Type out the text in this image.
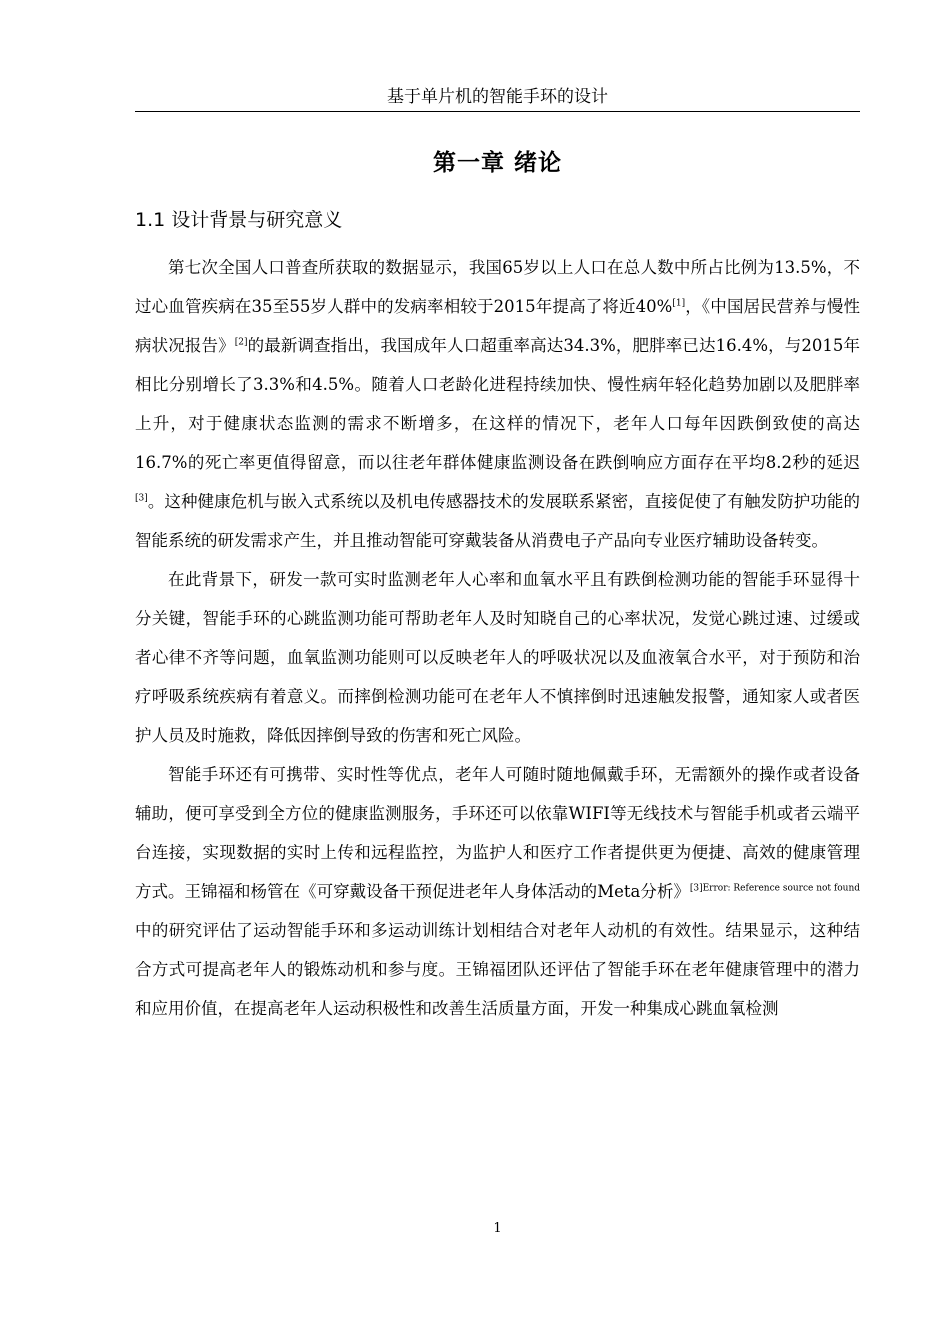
基于单片机的智能手环的设计
第一章 绪论
1.1 设计背景与研究意义

第七次全国人口普查所获取的数据显示，我国65岁以上人口在总人数中所占比例为13.5%，不过心血管疾病在35至55岁人群中的发病率相较于2015年提高了将近40%[1]，《中国居民营养与慢性病状况报告》[2]的最新调查指出，我国成年人口超重率高达34.3%，肥胖率已达16.4%，与2015年相比分别增长了3.3%和4.5%。随着人口老龄化进程持续加快、慢性病年轻化趋势加剧以及肥胖率上升，对于健康状态监测的需求不断增多，在这样的情况下，老年人口每年因跌倒致使的高达16.7%的死亡率更值得留意，而以往老年群体健康监测设备在跌倒响应方面存在平均8.2秒的延迟[3]。这种健康危机与嵌入式系统以及机电传感器技术的发展联系紧密，直接促使了有触发防护功能的智能系统的研发需求产生，并且推动智能可穿戴装备从消费电子产品向专业医疗辅助设备转变。

在此背景下，研发一款可实时监测老年人心率和血氧水平且有跌倒检测功能的智能手环显得十分关键，智能手环的心跳监测功能可帮助老年人及时知晓自己的心率状况，发觉心跳过速、过缓或者心律不齐等问题，血氧监测功能则可以反映老年人的呼吸状况以及血液氧合水平，对于预防和治疗呼吸系统疾病有着意义。而摔倒检测功能可在老年人不慎摔倒时迅速触发报警，通知家人或者医护人员及时施救，降低因摔倒导致的伤害和死亡风险。

智能手环还有可携带、实时性等优点，老年人可随时随地佩戴手环，无需额外的操作或者设备辅助，便可享受到全方位的健康监测服务，手环还可以依靠WIFI等无线技术与智能手机或者云端平台连接，实现数据的实时上传和远程监控，为监护人和医疗工作者提供更为便捷、高效的健康管理方式。王锦福和杨管在《可穿戴设备干预促进老年人身体活动的Meta分析》$^{[3]Error: Reference source not found}$中的研究评估了运动智能手环和多运动训练计划相结合对老年人动机的有效性。结果显示，这种结合方式可提高老年人的锻炼动机和参与度。王锦福团队还评估了智能手环在老年健康管理中的潜力和应用价值，在提高老年人运动积极性和改善生活质量方面，开发一种集成心跳血氧检测

1
